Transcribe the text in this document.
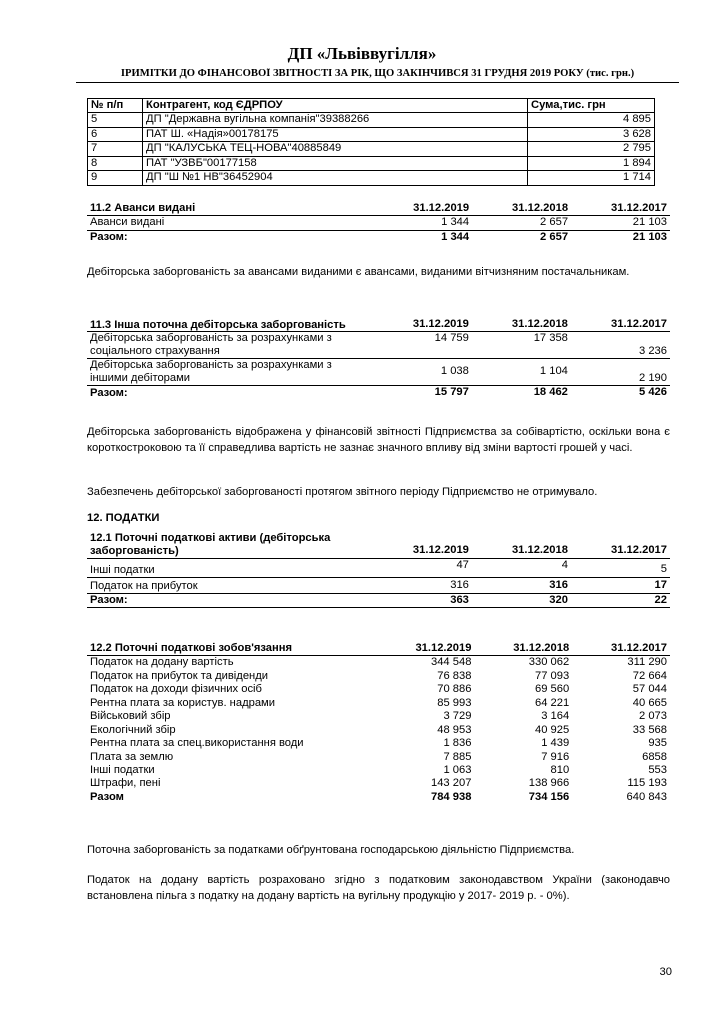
ДП «Львіввугілля»
ІРИМІТКИ ДО ФІНАНСОВОЇ ЗВІТНОСТІ ЗА РІК, ЩО ЗАКІНЧИВСЯ 31 ГРУДНЯ 2019 РОКУ (тис. грн.)
№ п/п	Контрагент, код ЄДРПОУ	Сума,тис. грн
5	ДП "Державна вугільна компанія"39388266	4 895
6	ПАТ Ш. «Надія»00178175	3 628
7	ДП "КАЛУСЬКА ТЕЦ-НОВА"40885849	2 795
8	ПАТ "УЗВБ"00177158	1 894
9	ДП "Ш №1 НВ"36452904	1 714
11.2 Аванси видані	31.12.2019	31.12.2018	31.12.2017
Аванси видані	1 344	2 657	21 103
Разом:	1 344	2 657	21 103
Дебіторська заборгованість за авансами виданими є авансами, виданими вітчизняним постачальникам.
11.3 Інша поточна дебіторська заборгованість	31.12.2019	31.12.2018	31.12.2017
Дебіторська заборгованість за розрахунками з соціального страхування	14 759	17 358	3 236
Дебіторська заборгованість за розрахунками з іншими дебіторами	1 038	1 104	2 190
Разом:	15 797	18 462	5 426
Дебіторська заборгованість відображена у фінансовій звітності Підприємства за собівартістю, оскільки вона є короткостроковою та її справедлива вартість не зазнає значного впливу від зміни вартості грошей у часі.
Забезпечень дебіторської заборгованості протягом звітного періоду Підприємство не отримувало.
12. ПОДАТКИ
12.1 Поточні податкові активи (дебіторська заборгованість)	31.12.2019	31.12.2018	31.12.2017
Інші податки	47	4	5
Податок на прибуток	316	316	17
Разом:	363	320	22
12.2 Поточні податкові зобов'язання	31.12.2019	31.12.2018	31.12.2017
Податок на додану вартість	344 548	330 062	311 290
Податок на прибуток та дивіденди	76 838	77 093	72 664
Податок на доходи фізичних осіб	70 886	69 560	57 044
Рентна плата за користув. надрами	85 993	64 221	40 665
Військовий збір	3 729	3 164	2 073
Екологічний збір	48 953	40 925	33 568
Рентна плата за спец.використання води	1 836	1 439	935
Плата за землю	7 885	7 916	6858
Інші податки	1 063	810	553
Штрафи, пені	143 207	138 966	115 193
Разом	784 938	734 156	640 843
Поточна заборгованість за податками обґрунтована господарською діяльністю Підприємства.
Податок на додану вартість розраховано згідно з податковим законодавством України (законодавчо встановлена пільга з податку на додану вартість на вугільну продукцію у 2017- 2019 р. - 0%).
30
